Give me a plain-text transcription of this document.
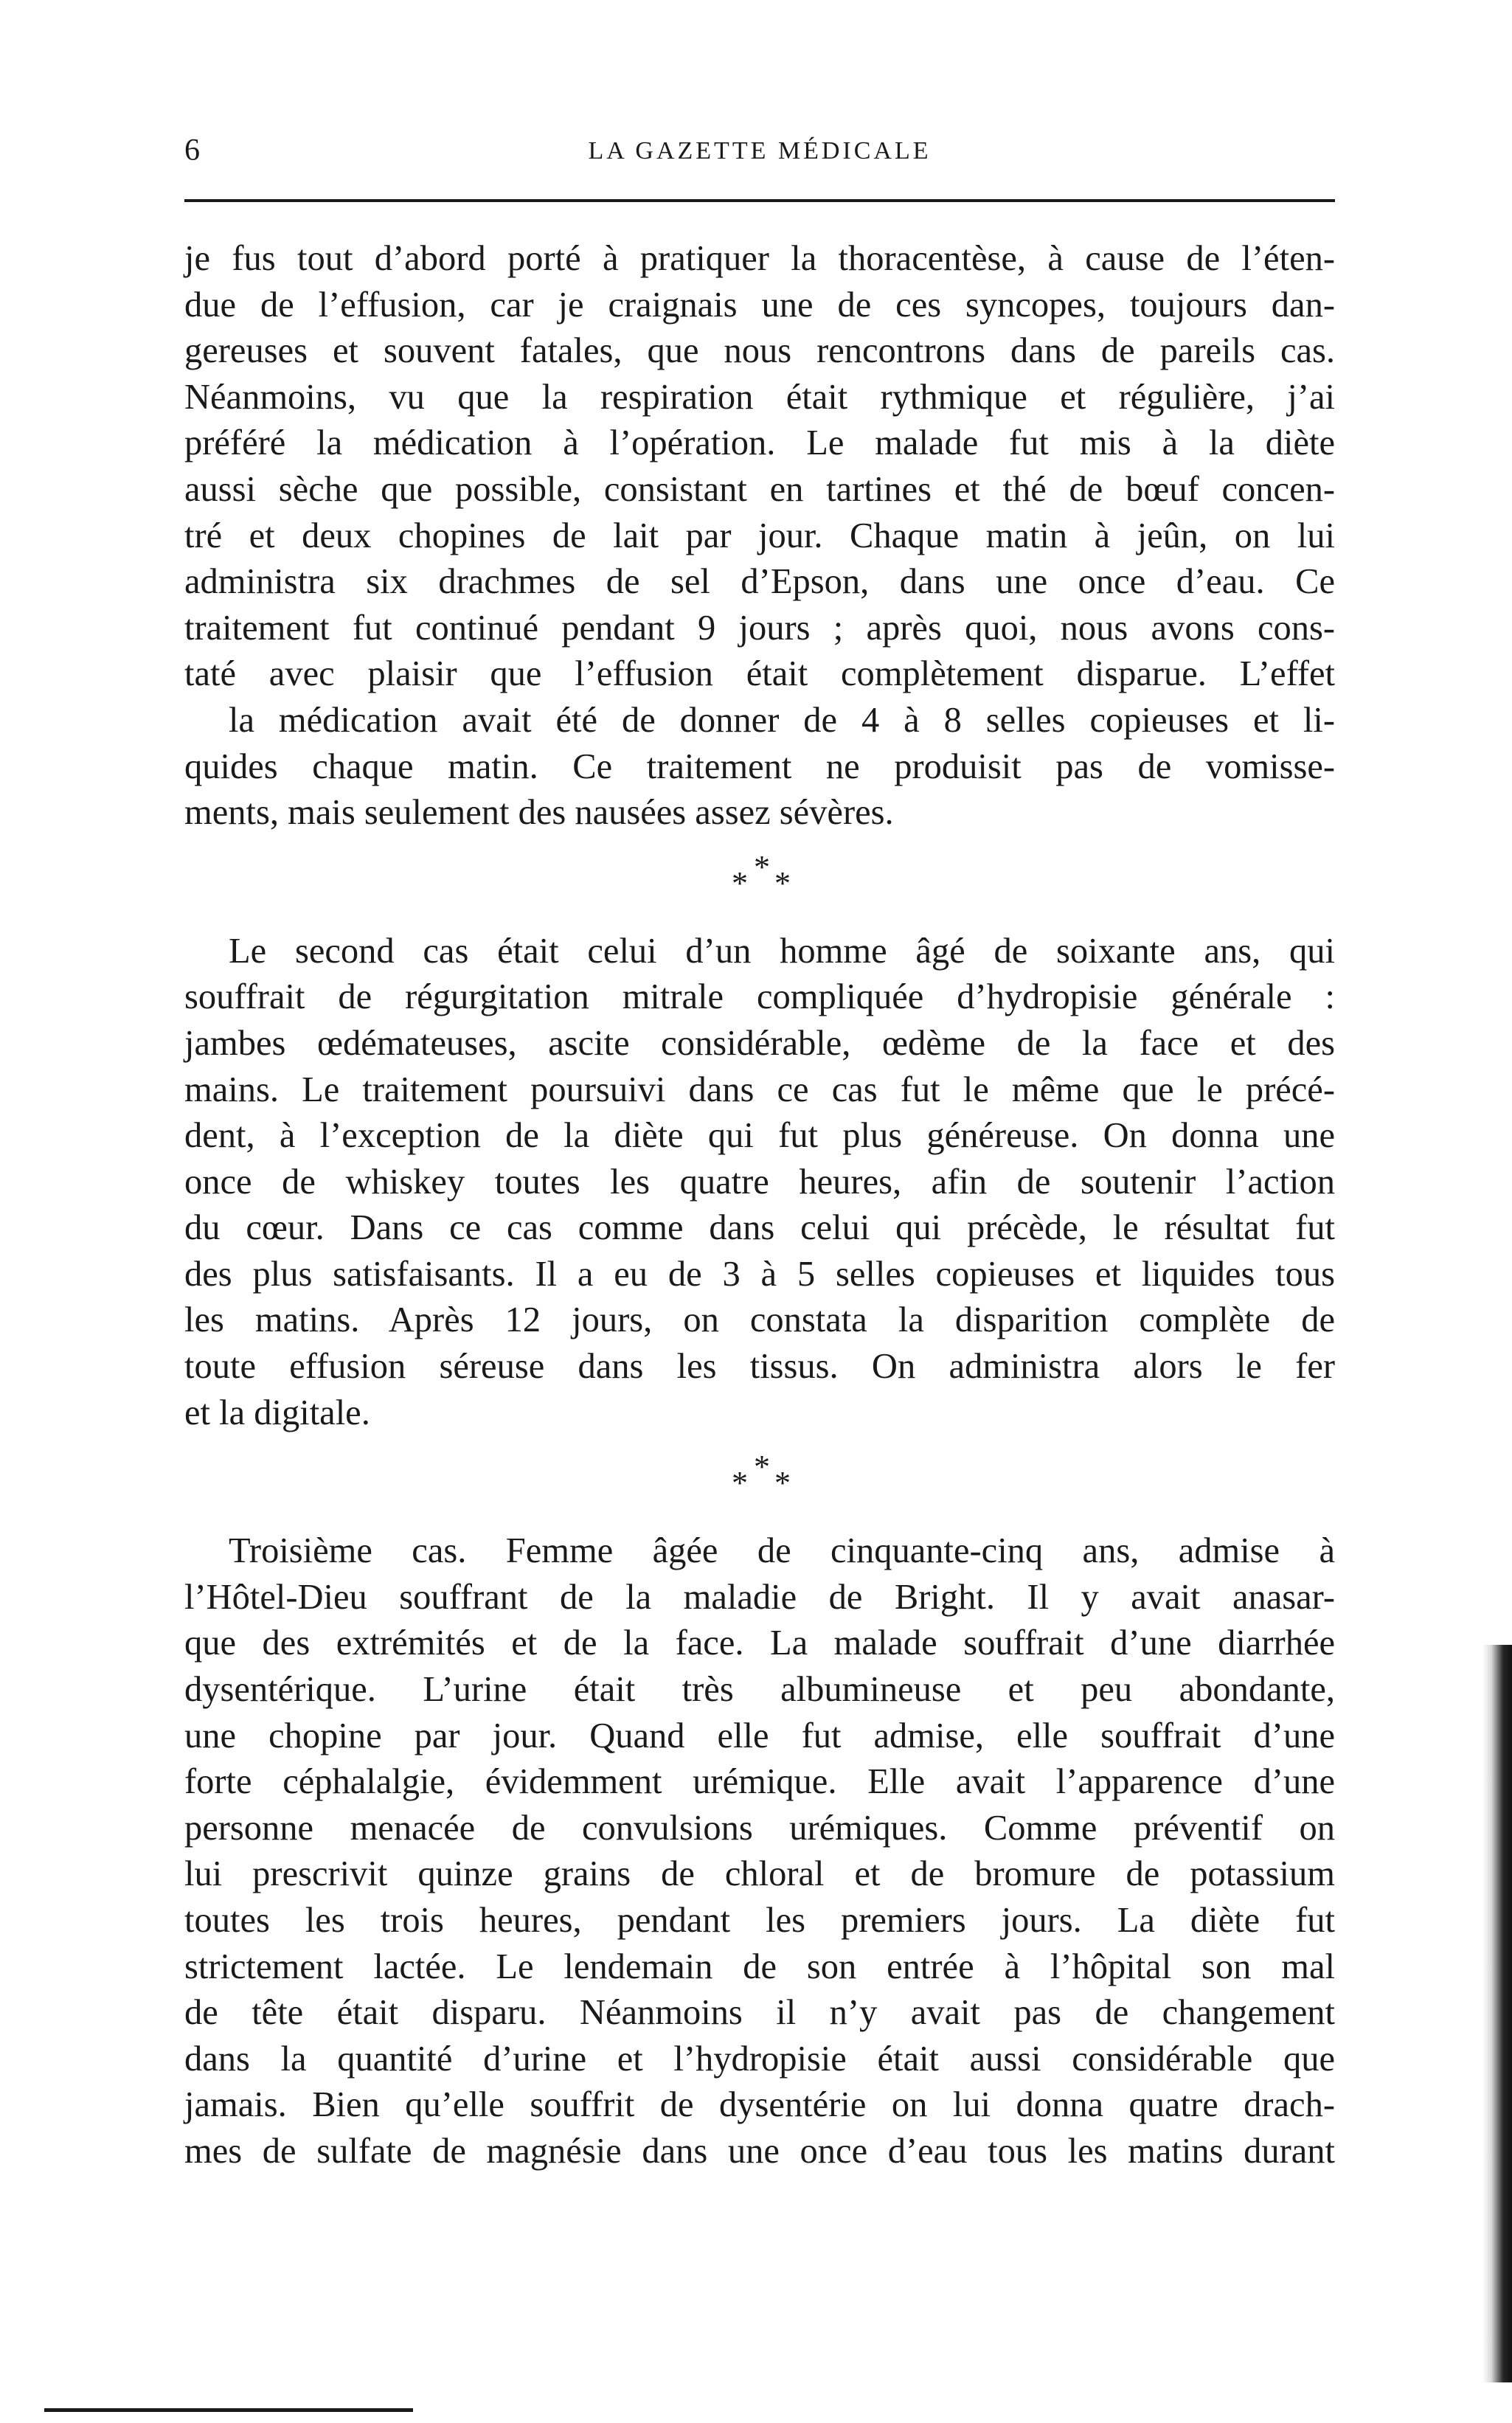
6	LA GAZETTE MÉDICALE

je fus tout d’abord porté à pratiquer la thoracentèse, à cause de l’éten-
due de l’effusion, car je craignais une de ces syncopes, toujours dan-
gereuses et souvent fatales, que nous rencontrons dans de pareils cas.
Néanmoins, vu que la respiration était rythmique et régulière, j’ai
préféré la médication à l’opération. Le malade fut mis à la diète
aussi sèche que possible, consistant en tartines et thé de bœuf concen-
tré et deux chopines de lait par jour. Chaque matin à jeûn, on lui
administra six drachmes de sel d’Epson, dans une once d’eau. Ce
traitement fut continué pendant 9 jours ; après quoi, nous avons cons-
taté avec plaisir que l’effusion était complètement disparue. L’effet
la médication avait été de donner de 4 à 8 selles copieuses et li-
quides chaque matin. Ce traitement ne produisit pas de vomisse-
ments, mais seulement des nausées assez sévères.

*
* *

Le second cas était celui d’un homme âgé de soixante ans, qui
souffrait de régurgitation mitrale compliquée d’hydropisie générale :
jambes œdémateuses, ascite considérable, œdème de la face et des
mains. Le traitement poursuivi dans ce cas fut le même que le précé-
dent, à l’exception de la diète qui fut plus généreuse. On donna une
once de whiskey toutes les quatre heures, afin de soutenir l’action
du cœur. Dans ce cas comme dans celui qui précède, le résultat fut
des plus satisfaisants. Il a eu de 3 à 5 selles copieuses et liquides tous
les matins. Après 12 jours, on constata la disparition complète de
toute effusion séreuse dans les tissus. On administra alors le fer
et la digitale.

*
* *

Troisième cas. Femme âgée de cinquante-cinq ans, admise à
l’Hôtel-Dieu souffrant de la maladie de Bright. Il y avait anasar-
que des extrémités et de la face. La malade souffrait d’une diarrhée
dysentérique. L’urine était très albumineuse et peu abondante,
une chopine par jour. Quand elle fut admise, elle souffrait d’une
forte céphalalgie, évidemment urémique. Elle avait l’apparence d’une
personne menacée de convulsions urémiques. Comme préventif on
lui prescrivit quinze grains de chloral et de bromure de potassium
toutes les trois heures, pendant les premiers jours. La diète fut
strictement lactée. Le lendemain de son entrée à l’hôpital son mal
de tête était disparu. Néanmoins il n’y avait pas de changement
dans la quantité d’urine et l’hydropisie était aussi considérable que
jamais. Bien qu’elle souffrit de dysentérie on lui donna quatre drach-
mes de sulfate de magnésie dans une once d’eau tous les matins durant
